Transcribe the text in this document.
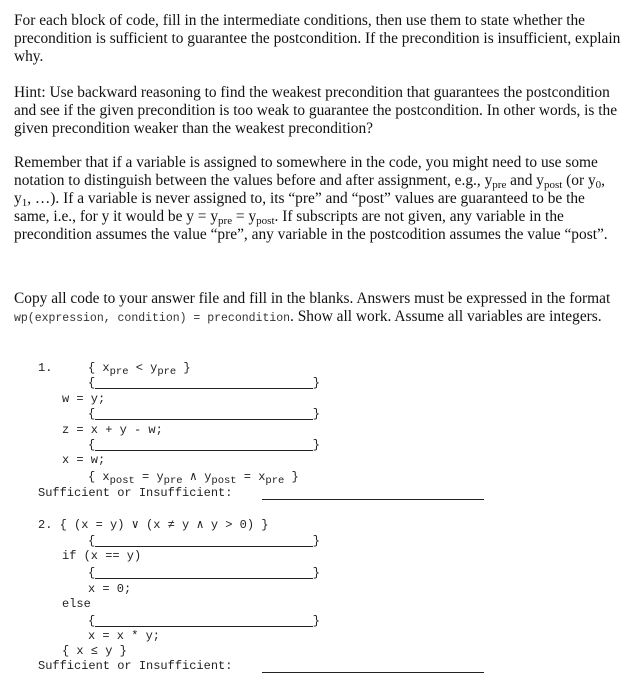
For each block of code, fill in the intermediate conditions, then use them to state whether the precondition is sufficient to guarantee the postcondition. If the precondition is insufficient, explain why.

Hint: Use backward reasoning to find the weakest precondition that guarantees the postcondition and see if the given precondition is too weak to guarantee the postcondition. In other words, is the given precondition weaker than the weakest precondition?

Remember that if a variable is assigned to somewhere in the code, you might need to use some notation to distinguish between the values before and after assignment, e.g., $y_{pre}$ and $y_{post}$ (or $y_0$, $y_1$, …). If a variable is never assigned to, its “pre” and “post” values are guaranteed to be the same, i.e., for y it would be $y = y_{pre} = y_{post}$. If subscripts are not given, any variable in the precondition assumes the value “pre”, any variable in the postcodition assumes the value “post”.

Copy all code to your answer file and fill in the blanks. Answers must be expressed in the format wp(expression, condition) = precondition. Show all work. Assume all variables are integers.

1.	{ $x_{pre} < y_{pre}$ }
{	}
w = y;
{	}
z = x + y - w;
{	}
x = w;
{ $x_{post} = y_{pre}$ ∧ $y_{post} = x_{pre}$ }
Sufficient or Insufficient:
2. { (x = y) ∨ (x ≠ y ∧ y > 0) }
{	}
if (x == y)
{	}
x = 0;
else
{	}
x = x * y;
{ x ≤ y }
Sufficient or Insufficient:
